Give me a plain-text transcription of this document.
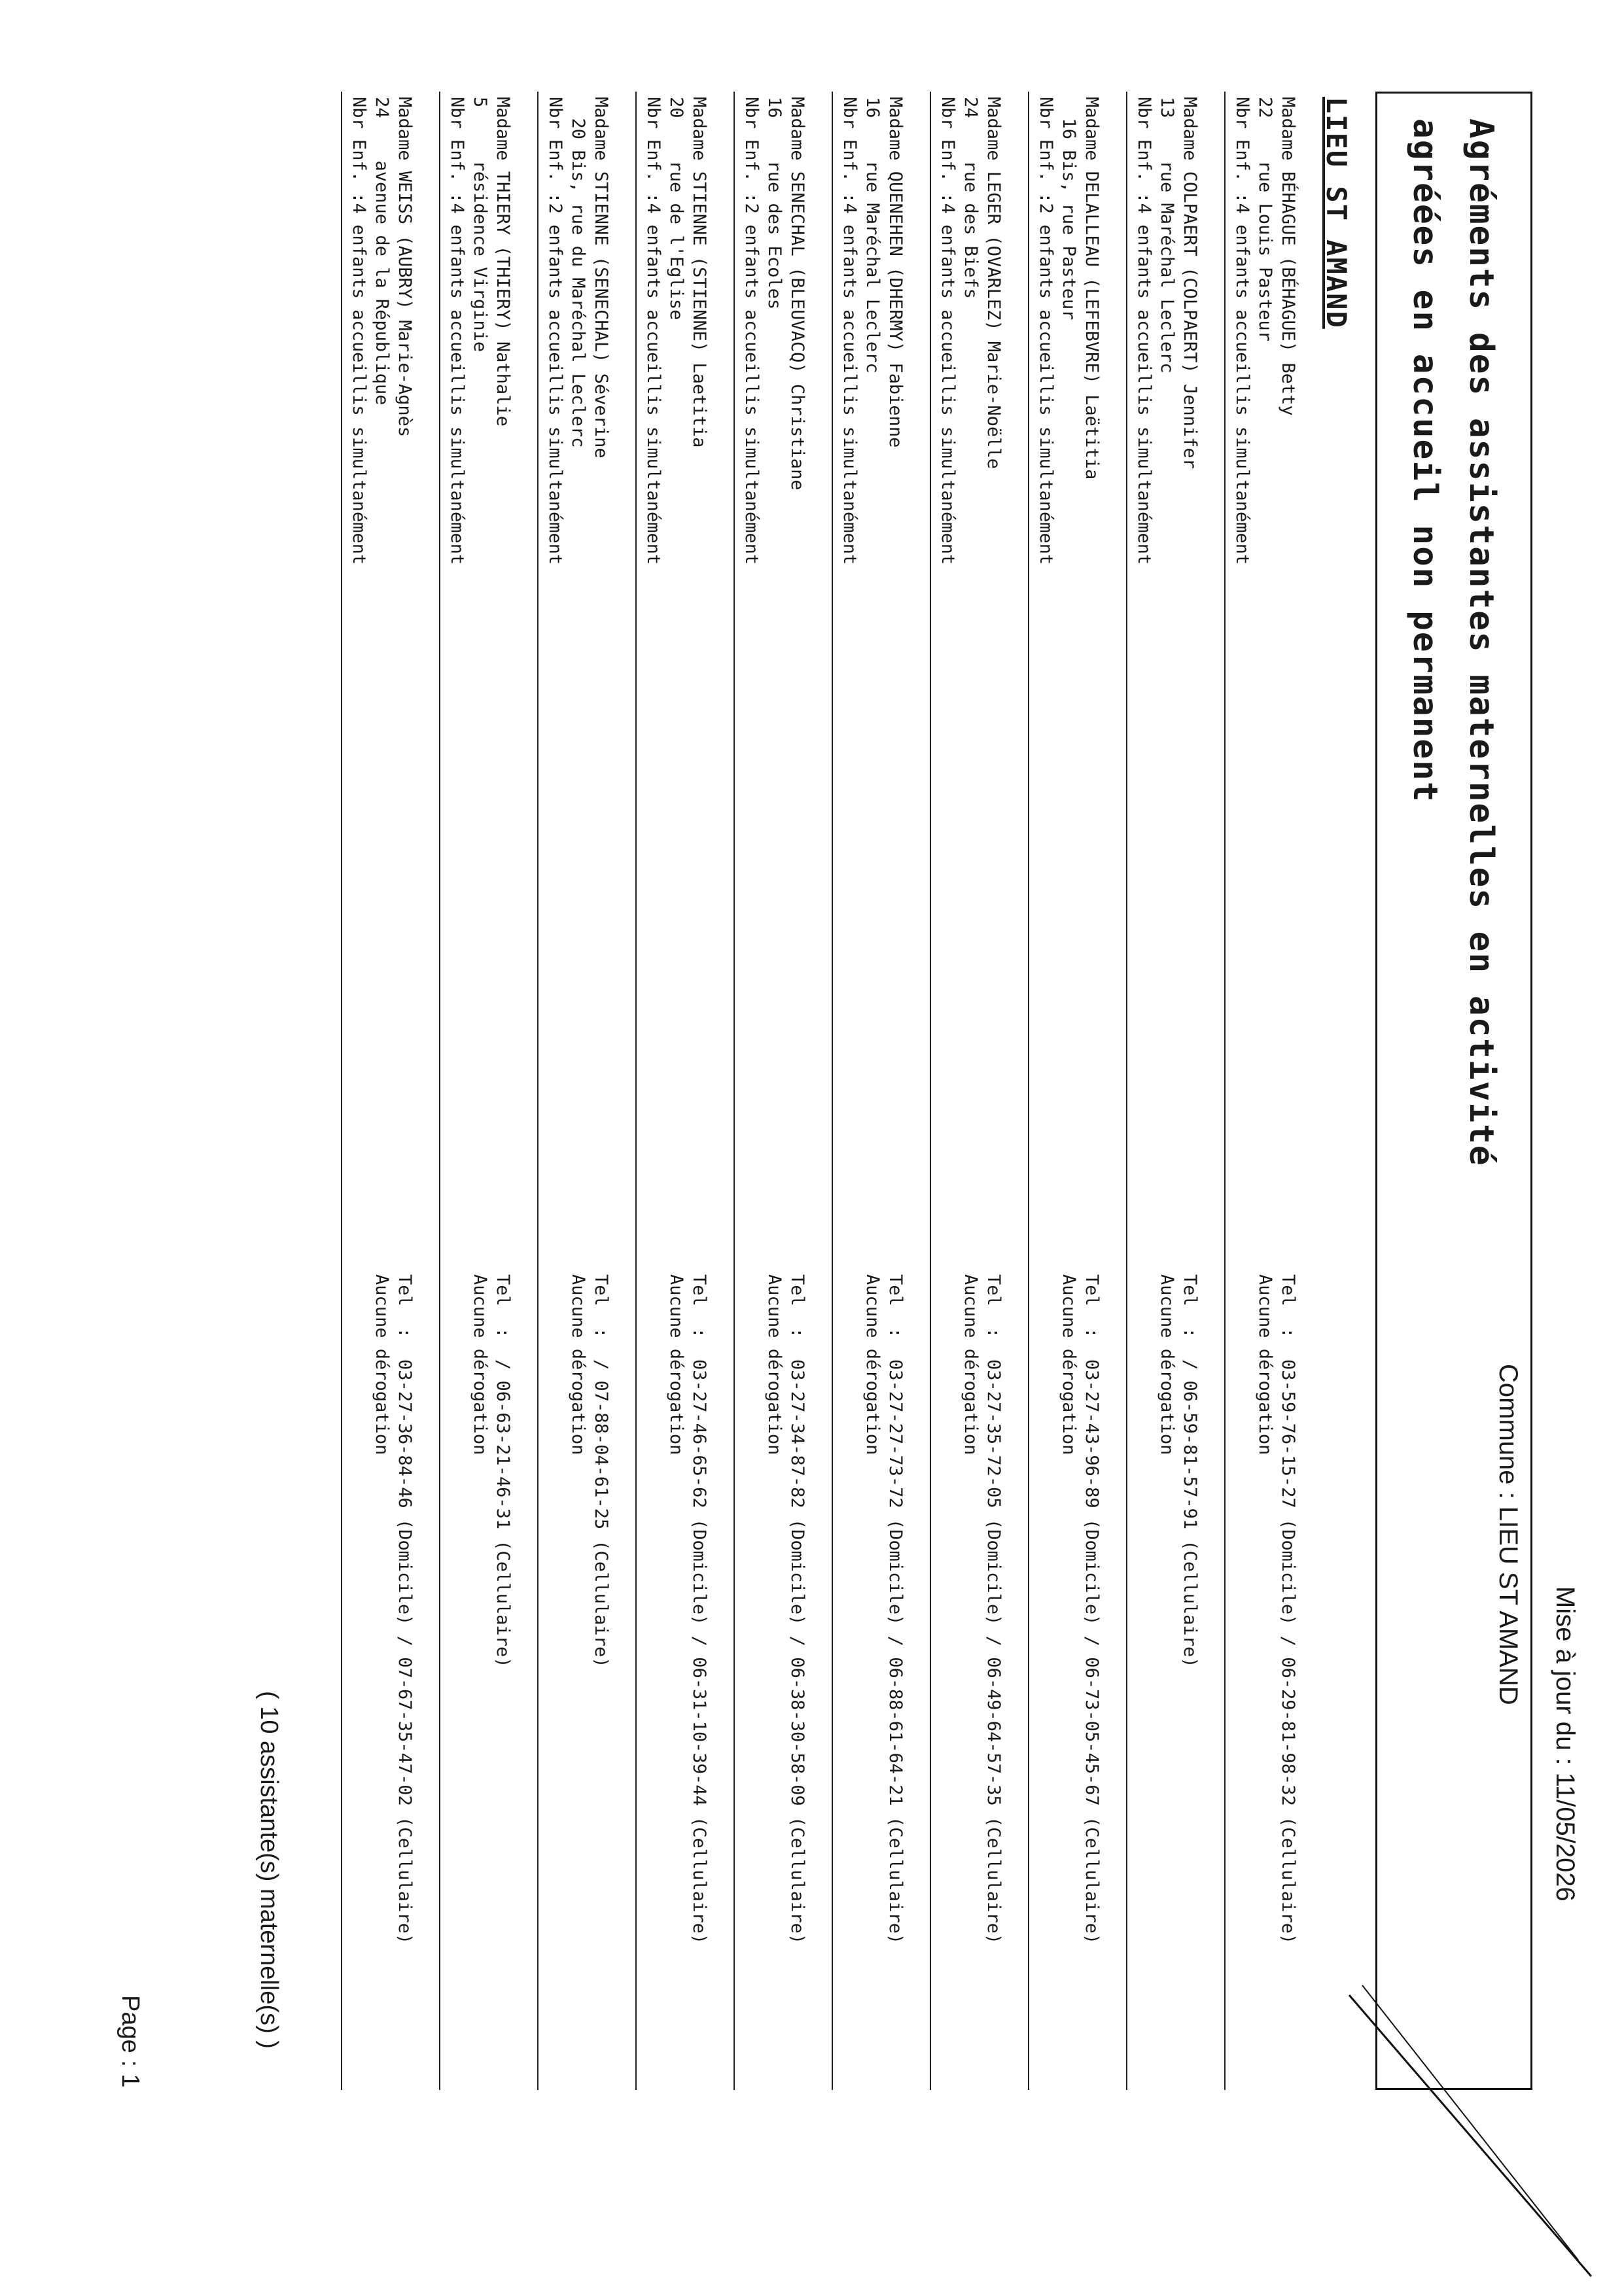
Agréments des assistantes maternelles en activité
agréées en accueil non permanent
Mise à jour du : 11/05/2026
Commune : LIEU ST AMAND
LIEU ST AMAND
Madame BÉHAGUE (BÉHAGUE) Betty
22    rue Louis Pasteur
Nbr Enf. :4 enfants accueillis simultanément
Tel  :  03-59-76-15-27 (Domicile) / 06-29-81-98-32 (Cellulaire)
Aucune dérogation
Madame COLPAERT (COLPAERT) Jennifer
13    rue Maréchal Leclerc
Nbr Enf. :4 enfants accueillis simultanément
Tel  :  / 06-59-81-57-91 (Cellulaire)
Aucune dérogation
Madame DELALLEAU (LEFEBVRE) Laëtitia
16 Bis, rue Pasteur
Nbr Enf. :2 enfants accueillis simultanément
Tel  :  03-27-43-96-89 (Domicile) / 06-73-05-45-67 (Cellulaire)
Aucune dérogation
Madame LEGER (OVARLEZ) Marie-Noëlle
24    rue des Biefs
Nbr Enf. :4 enfants accueillis simultanément
Tel  :  03-27-35-72-05 (Domicile) / 06-49-64-57-35 (Cellulaire)
Aucune dérogation
Madame QUENEHEN (DHERMY) Fabienne
16    rue Maréchal Leclerc
Nbr Enf. :4 enfants accueillis simultanément
Tel  :  03-27-27-73-72 (Domicile) / 06-88-61-64-21 (Cellulaire)
Aucune dérogation
Madame SENECHAL (BLEUVACQ) Christiane
16    rue des Ecoles
Nbr Enf. :2 enfants accueillis simultanément
Tel  :  03-27-34-87-82 (Domicile) / 06-38-30-58-09 (Cellulaire)
Aucune dérogation
Madame STIENNE (STIENNE) Laetitia
20    rue de l'Eglise
Nbr Enf. :4 enfants accueillis simultanément
Tel  :  03-27-46-65-62 (Domicile) / 06-31-10-39-44 (Cellulaire)
Aucune dérogation
Madame STIENNE (SENECHAL) Séverine
20 Bis, rue du Maréchal Leclerc
Nbr Enf. :2 enfants accueillis simultanément
Tel  :  / 07-88-04-61-25 (Cellulaire)
Aucune dérogation
Madame THIERY (THIERY) Nathalie
5     résidence Virginie
Nbr Enf. :4 enfants accueillis simultanément
Tel  :  / 06-63-21-46-31 (Cellulaire)
Aucune dérogation
Madame WEISS (AUBRY) Marie-Agnès
24    avenue de la République
Nbr Enf. :4 enfants accueillis simultanément
Tel  :  03-27-36-84-46 (Domicile) / 07-67-35-47-02 (Cellulaire)
Aucune dérogation
( 10 assistante(s) maternelle(s) )
Page : 1
